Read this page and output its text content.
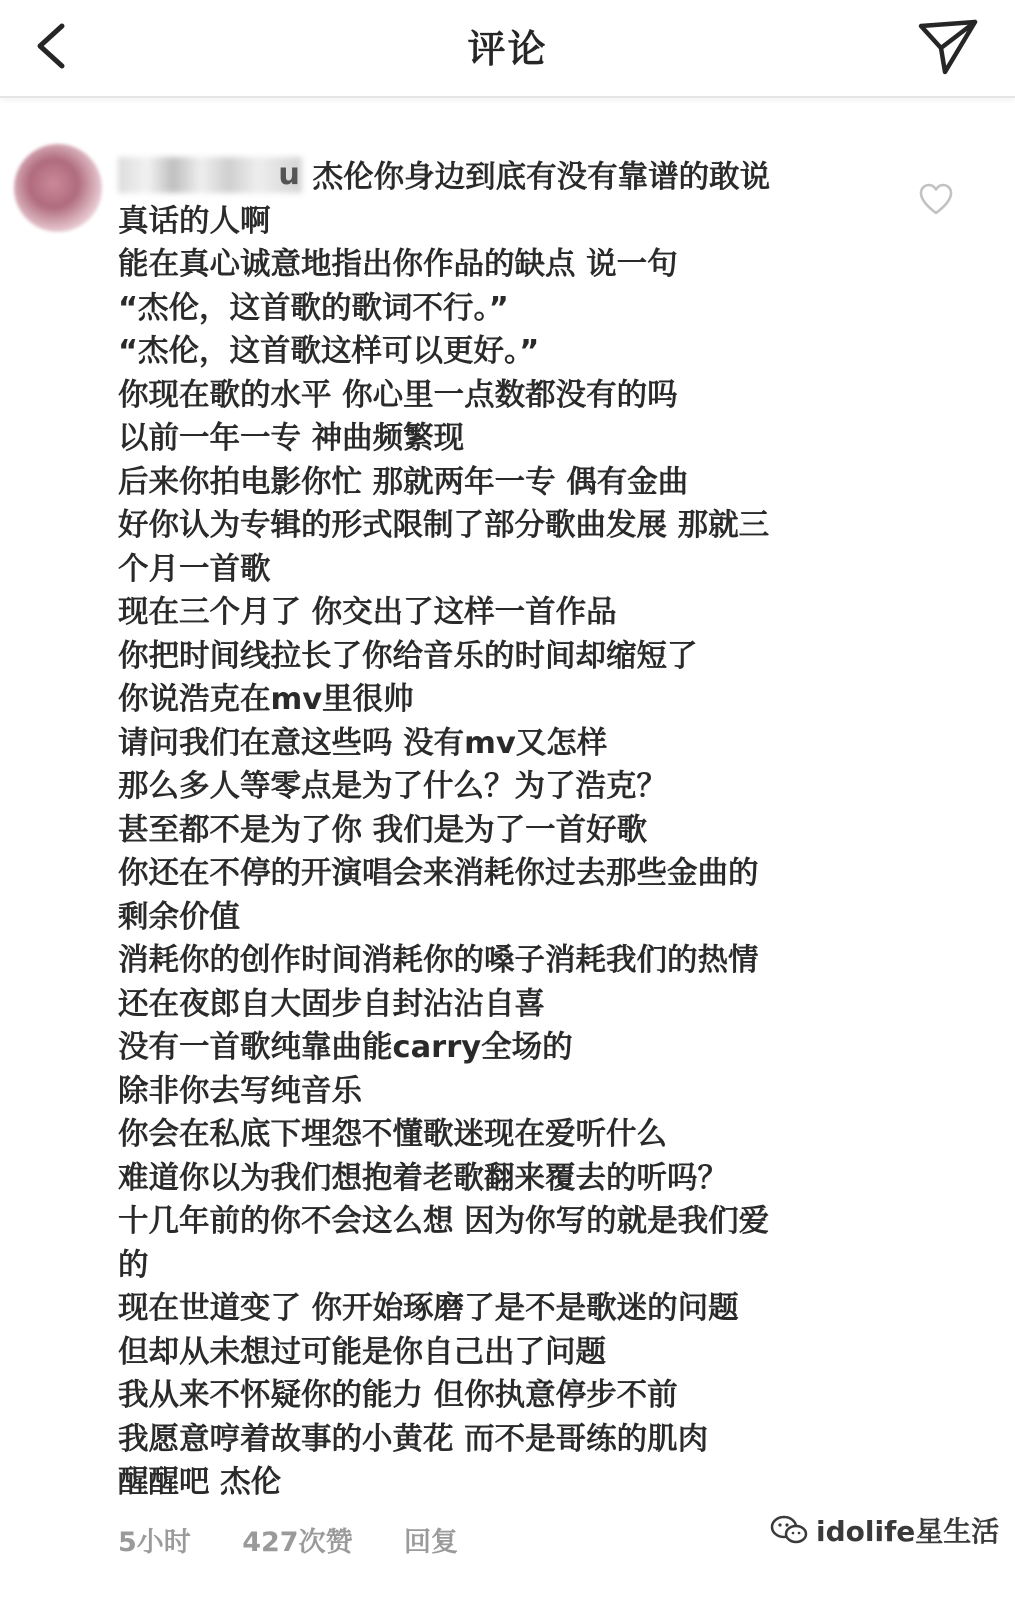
评论

u 杰伦你身边到底有没有靠谱的敢说
真话的人啊
能在真心诚意地指出你作品的缺点 说一句
“杰伦，这首歌的歌词不行。”
“杰伦，这首歌这样可以更好。”
你现在歌的水平 你心里一点数都没有的吗
以前一年一专 神曲频繁现
后来你拍电影你忙 那就两年一专 偶有金曲
好你认为专辑的形式限制了部分歌曲发展 那就三
个月一首歌
现在三个月了 你交出了这样一首作品
你把时间线拉长了你给音乐的时间却缩短了
你说浩克在mv里很帅
请问我们在意这些吗 没有mv又怎样
那么多人等零点是为了什么？为了浩克？
甚至都不是为了你 我们是为了一首好歌
你还在不停的开演唱会来消耗你过去那些金曲的
剩余价值
消耗你的创作时间消耗你的嗓子消耗我们的热情
还在夜郎自大固步自封沾沾自喜
没有一首歌纯靠曲能carry全场的
除非你去写纯音乐
你会在私底下埋怨不懂歌迷现在爱听什么
难道你以为我们想抱着老歌翻来覆去的听吗？
十几年前的你不会这么想 因为你写的就是我们爱
的
现在世道变了 你开始琢磨了是不是歌迷的问题
但却从未想过可能是你自己出了问题
我从来不怀疑你的能力 但你执意停步不前
我愿意哼着故事的小黄花 而不是哥练的肌肉
醒醒吧 杰伦

5小时 427次赞 回复	idolife星生活
